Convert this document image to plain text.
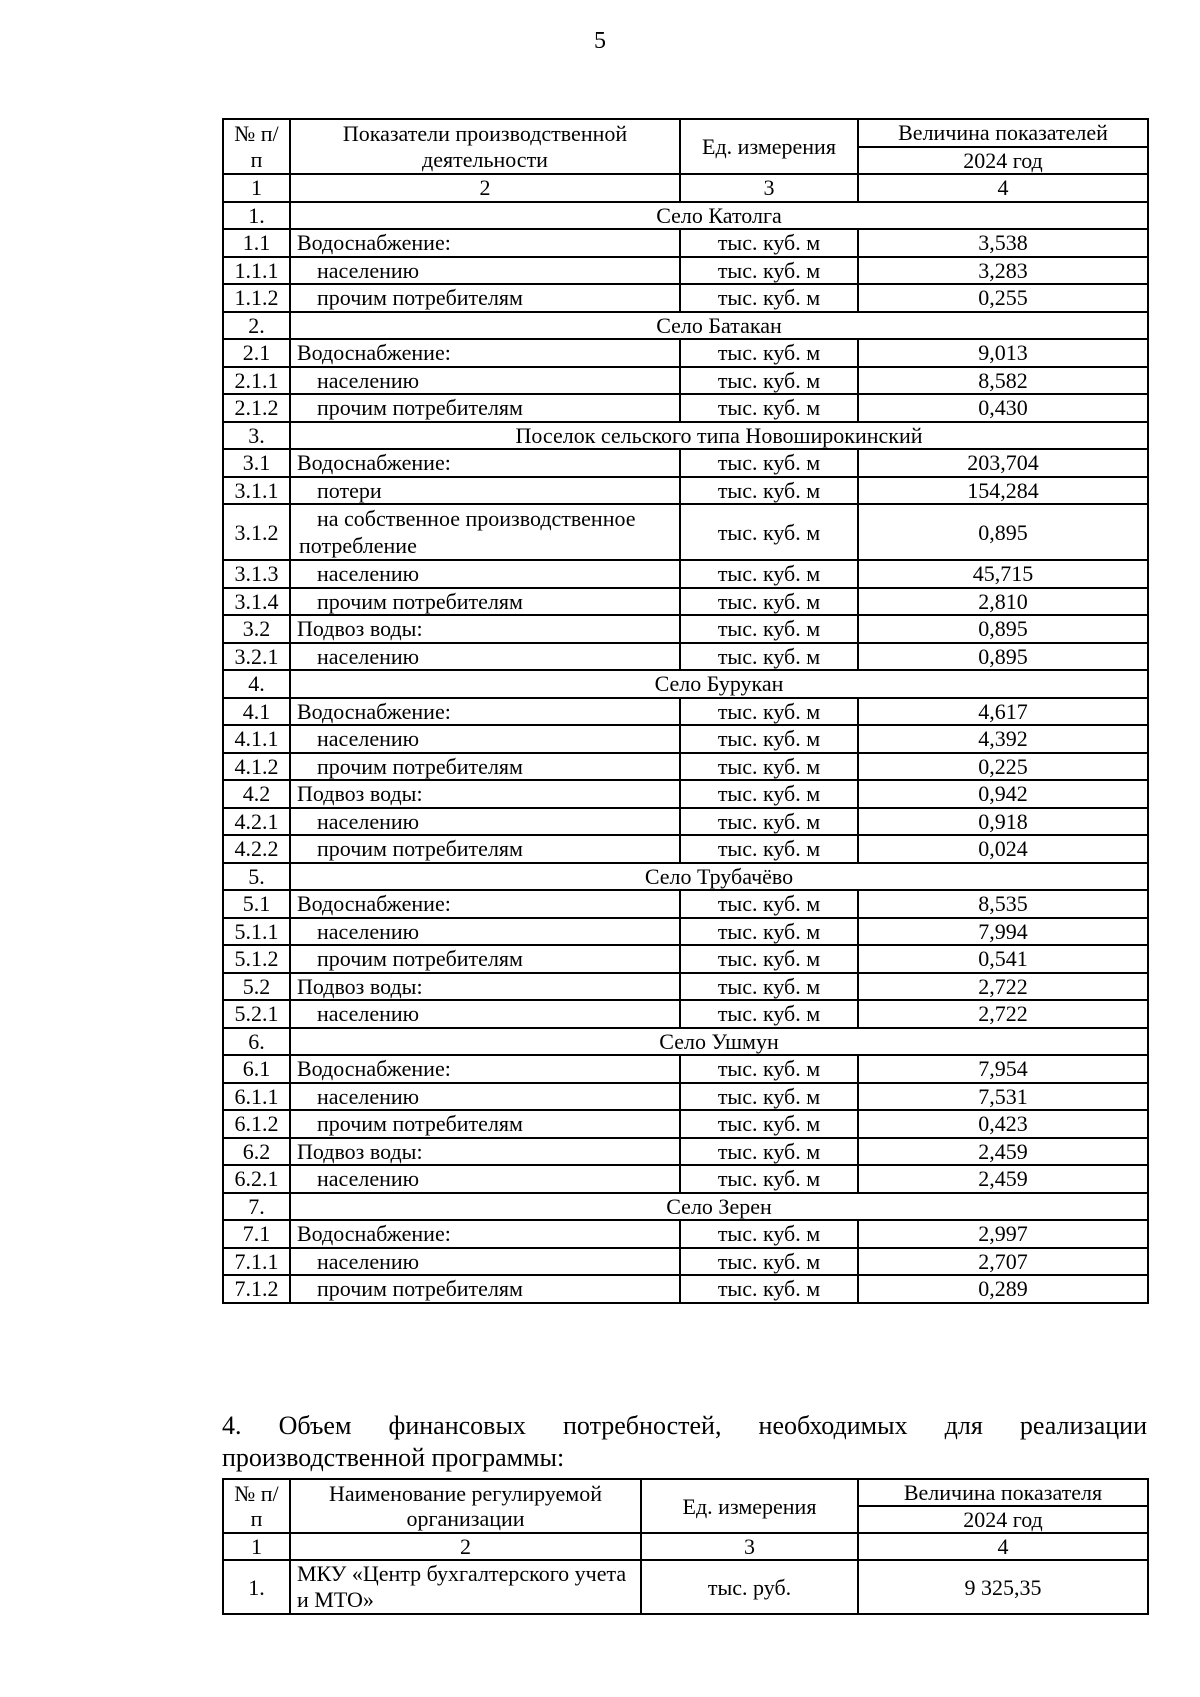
5
№ п/п	Показатели производственной деятельности	Ед. измерения	Величина показателей
			2024 год
1	2	3	4
1.	Село Католга		
1.1	Водоснабжение:	тыс. куб. м	3,538
1.1.1	населению	тыс. куб. м	3,283
1.1.2	прочим потребителям	тыс. куб. м	0,255
2.	Село Батакан		
2.1	Водоснабжение:	тыс. куб. м	9,013
2.1.1	населению	тыс. куб. м	8,582
2.1.2	прочим потребителям	тыс. куб. м	0,430
3.	Поселок сельского типа Новоширокинский		
3.1	Водоснабжение:	тыс. куб. м	203,704
3.1.1	потери	тыс. куб. м	154,284
3.1.2	на собственное производственное потребление	тыс. куб. м	0,895
3.1.3	населению	тыс. куб. м	45,715
3.1.4	прочим потребителям	тыс. куб. м	2,810
3.2	Подвоз воды:	тыс. куб. м	0,895
3.2.1	населению	тыс. куб. м	0,895
4.	Село Бурукан		
4.1	Водоснабжение:	тыс. куб. м	4,617
4.1.1	населению	тыс. куб. м	4,392
4.1.2	прочим потребителям	тыс. куб. м	0,225
4.2	Подвоз воды:	тыс. куб. м	0,942
4.2.1	населению	тыс. куб. м	0,918
4.2.2	прочим потребителям	тыс. куб. м	0,024
5.	Село Трубачёво		
5.1	Водоснабжение:	тыс. куб. м	8,535
5.1.1	населению	тыс. куб. м	7,994
5.1.2	прочим потребителям	тыс. куб. м	0,541
5.2	Подвоз воды:	тыс. куб. м	2,722
5.2.1	населению	тыс. куб. м	2,722
6.	Село Ушмун		
6.1	Водоснабжение:	тыс. куб. м	7,954
6.1.1	населению	тыс. куб. м	7,531
6.1.2	прочим потребителям	тыс. куб. м	0,423
6.2	Подвоз воды:	тыс. куб. м	2,459
6.2.1	населению	тыс. куб. м	2,459
7.	Село Зерен		
7.1	Водоснабжение:	тыс. куб. м	2,997
7.1.1	населению	тыс. куб. м	2,707
7.1.2	прочим потребителям	тыс. куб. м	0,289
4. Объем финансовых потребностей, необходимых для реализации производственной программы:
№ п/п	Наименование регулируемой организации	Ед. измерения	Величина показателя
			2024 год
1	2	3	4
1.	МКУ «Центр бухгалтерского учета и МТО»	тыс. руб.	9 325,35
